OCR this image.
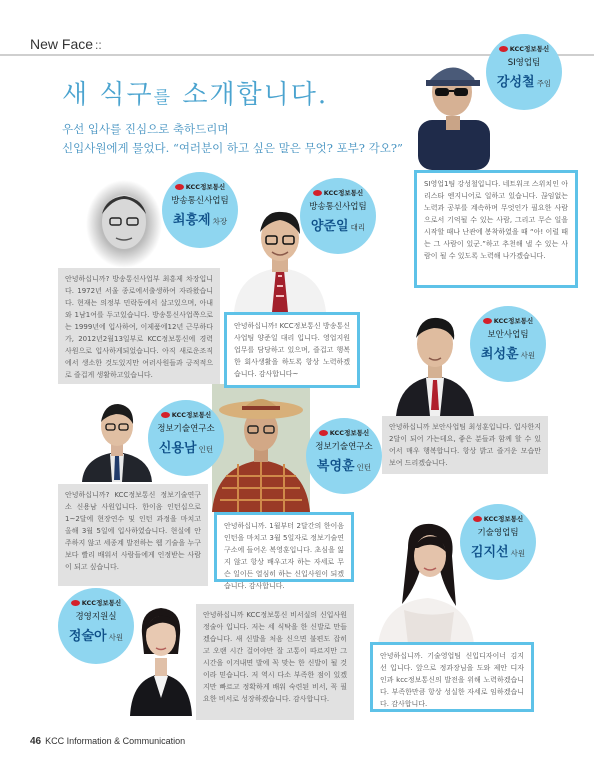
New Face ::
새 식구를 소개합니다.
우선 입사를 진심으로 축하드리며
신입사원에게 물었다. “여러분이 하고 싶은 말은 무엇? 포부? 각오?”
KCC정보통신
SI영업팀
강성철 주임
KCC정보통신
방송통신사업팀
최흥제 차장
KCC정보통신
방송통신사업팀
양준일 대리
KCC정보통신
보안사업팀
최성훈 사원
KCC정보통신
정보기술연구소
신용남 인턴
KCC정보통신
정보기술연구소
복영훈 인턴
KCC정보통신
기술영업팀
김지선 사원
KCC정보통신
경영지원실
정술아 사원
SI영업1팀 강성철입니다. 네트워크 스위치인 아리스타 엔지니어로 일하고 있습니다. 끊임없는 노력과 공부를 계속하며 무엇인가 필요한 사람으로서 기억될 수 있는 사람, 그리고 무슨 일을 시작할 때나 난관에 봉착하였을 때 “아! 이럴 때는 그 사람이 있군.”하고 추천해 낼 수 있는 사람이 될 수 있도록 노력해 나가겠습니다.
안녕하십니까? 방송통신사업부 최흥제 차장입니다. 1972년 서울 종로에서출생하여 자라왔습니다. 현재는 의정부 민락동에서 살고있으며, 아내와 1남1여를 두고있습니다. 방송통신사업쪽으로는 1999년에 입사하여, 이제품에12년 근무하다가, 2012년2월13일부로 KCC정보통신에 경력사원으로 입사하게되었습니다. 아직 새로운조직에서 생소한 것도있지만 여러사원들과 긍적적으로 즐겁게 생활하고있습니다.
안녕하십니까! KCC정보통신 방송통신사업팀 양준일 대리 입니다. 영업지원 업무를 담당하고 있으며, 즐겁고 행복한 회사생활을 하도록 항상 노력하겠습니다. 감사합니다~
안녕하십니까 보안사업팀 최성훈입니다. 입사한지 2달이 되어 가는데요, 좋은 분들과 함께 할 수 있어서 매우 행복합니다. 항상 밝고 즐거운 모습만 보여 드리겠습니다.
안녕하십니까? KCC정보통신 정보기술연구소 신용남 사원입니다. 한이음 인턴십으로 1~2달에 현장연수 및 인턴 과정을 마치고 올해 3월 5일에 입사하였습니다. 현실에 안주하지 않고 세종계 발전하는 웹 기술을 누구보다 빨리 배워서 사람들에게 인정받는 사람이 되고 싶습니다.
안녕하십니까. 1월부터 2달간의 한이음 인턴을 마치고 3월 5일자로 정보기술연구소에 들어온 복영훈입니다. 초심을 잃지 않고 항상 배우고자 하는 자세로 무슨 일이든 열심히 하는 신입사원이 되겠습니다. 감사합니다.
안녕하십니까. 기술영업팀 신입디자이너 김지선 입니다. 앞으로 정과장님을 도와 제안 디자인과 kcc정보통신의 발전을 위해 노력하겠습니다. 부족한만큼 항상 성실한 자세로 임하겠습니다. 감사합니다.
안녕하십니까 KCC정보통신 비서실의 신입사원 정술아 입니다. 저는 세 식탁을 한 신발로 만들겠습니다. 새 신발을 처음 신으면 불편도 잡히고 오랜 시간 걸어야만 잘 고통이 따르지만 그 시간을 이겨내면 발에 꼭 맞는 한 신발이 될 것이라 믿습니다. 저 역시 다소 부족한 점이 있겠지만 빠르고 정확하게 배워 숙련된 비서, 꼭 필요한 비서로 성장하겠습니다. 감사합니다.
46 KCC Information & Communication
